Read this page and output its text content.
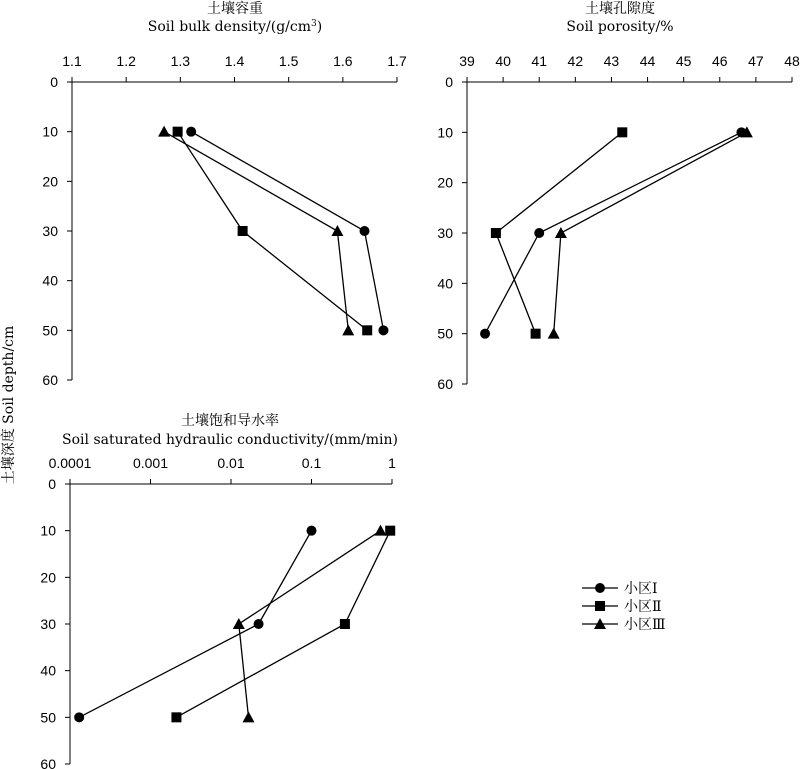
土壤容重
Soil bulk density/$(g/cm^3)$
1.1 1.2 1.3 1.4 1.5 1.6 1.7
0
10
20
30
40
50
60
土壤孔隙度
Soil porosity/%
39 40 41 42 43 44 45 46 47 48
0
10
20
30
40
50
60
土壤饱和导水率
Soil saturated hydraulic conductivity/(mm/min)
0.0001	0.001	0.01	0.1	1
0
10
20
30
40
50
60
土壤深度 Soil depth/cm
小区Ⅰ
小区Ⅱ
小区Ⅲ
